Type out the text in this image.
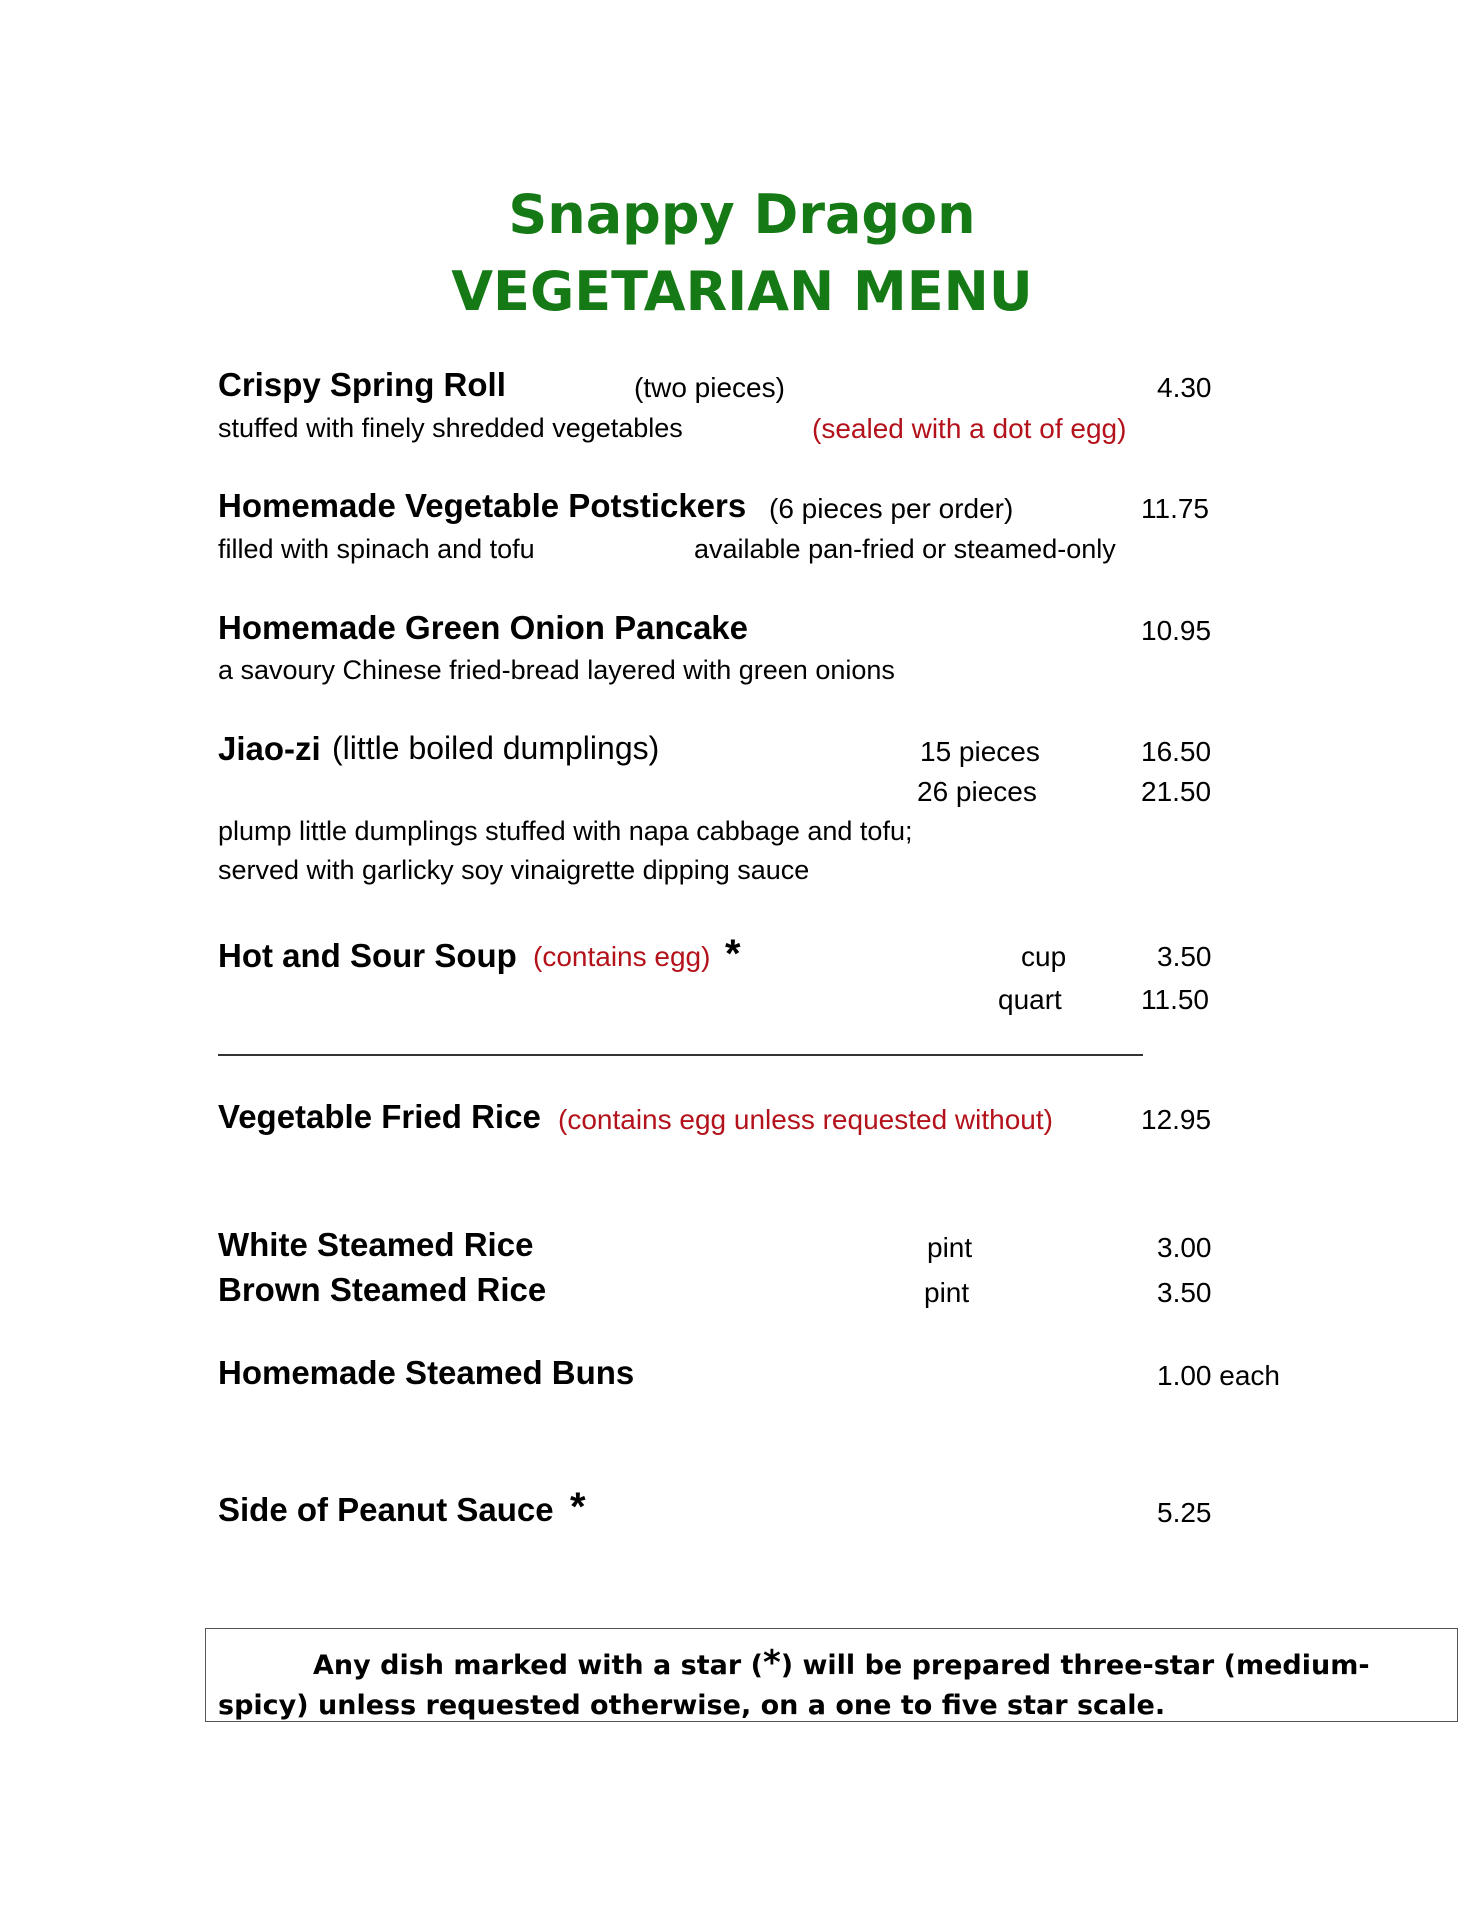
Snappy Dragon
VEGETARIAN MENU
Crispy Spring Roll	(two pieces)	4.30
stuffed with finely shredded vegetables	(sealed with a dot of egg)
Homemade Vegetable Potstickers (6 pieces per order)	11.75
filled with spinach and tofu	available pan-fried or steamed-only
Homemade Green Onion Pancake	10.95
a savoury Chinese fried-bread layered with green onions
Jiao-zi (little boiled dumplings)	15 pieces	16.50
26 pieces	21.50
plump little dumplings stuffed with napa cabbage and tofu;
served with garlicky soy vinaigrette dipping sauce
Hot and Sour Soup (contains egg) *	cup	3.50
quart	11.50
Vegetable Fried Rice (contains egg unless requested without)	12.95
White Steamed Rice	pint	3.00
Brown Steamed Rice	pint	3.50
Homemade Steamed Buns	1.00 each
Side of Peanut Sauce *	5.25
Any dish marked with a star (*) will be prepared three-star (medium-spicy) unless requested otherwise, on a one to five star scale.
